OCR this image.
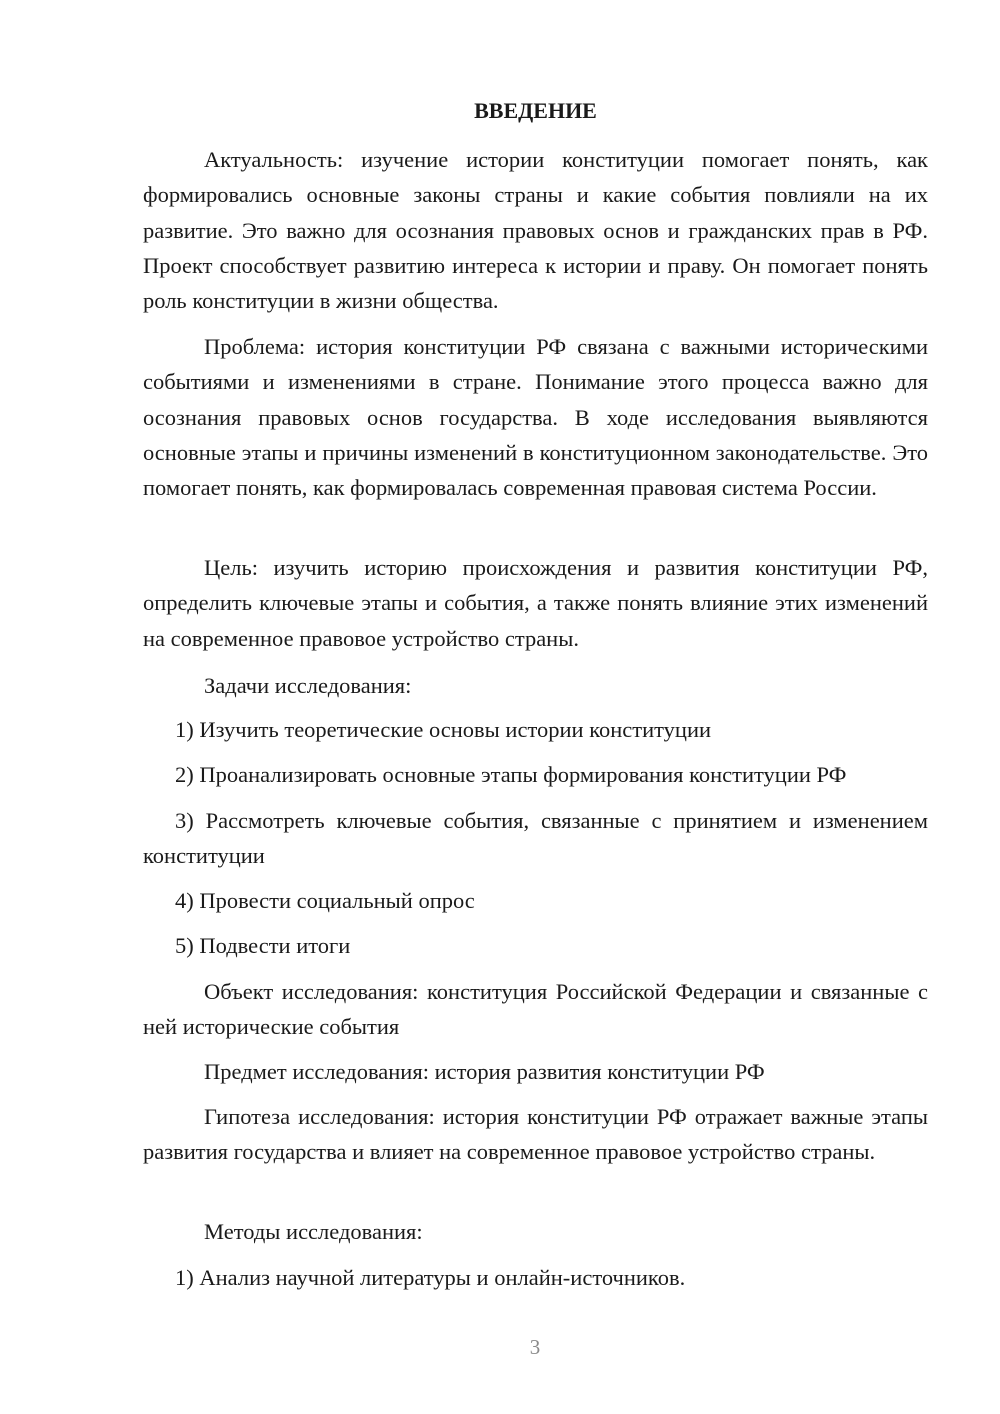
ВВЕДЕНИЕ

Актуальность: изучение истории конституции помогает понять, как формировались основные законы страны и какие события повлияли на их развитие. Это важно для осознания правовых основ и гражданских прав в РФ. Проект способствует развитию интереса к истории и праву. Он помогает понять роль конституции в жизни общества.

Проблема: история конституции РФ связана с важными историческими событиями и изменениями в стране. Понимание этого процесса важно для осознания правовых основ государства. В ходе исследования выявляются основные этапы и причины изменений в конституционном законодательстве. Это помогает понять, как формировалась современная правовая система России.

Цель: изучить историю происхождения и развития конституции РФ, определить ключевые этапы и события, а также понять влияние этих изменений на современное правовое устройство страны.

Задачи исследования:

1) Изучить теоретические основы истории конституции

2) Проанализировать основные этапы формирования конституции РФ

3) Рассмотреть ключевые события, связанные с принятием и изменением конституции

4) Провести социальный опрос

5) Подвести итоги

Объект исследования: конституция Российской Федерации и связанные с ней исторические события

Предмет исследования: история развития конституции РФ

Гипотеза исследования: история конституции РФ отражает важные этапы развития государства и влияет на современное правовое устройство страны.

Методы исследования:

1) Анализ научной литературы и онлайн-источников.

3
